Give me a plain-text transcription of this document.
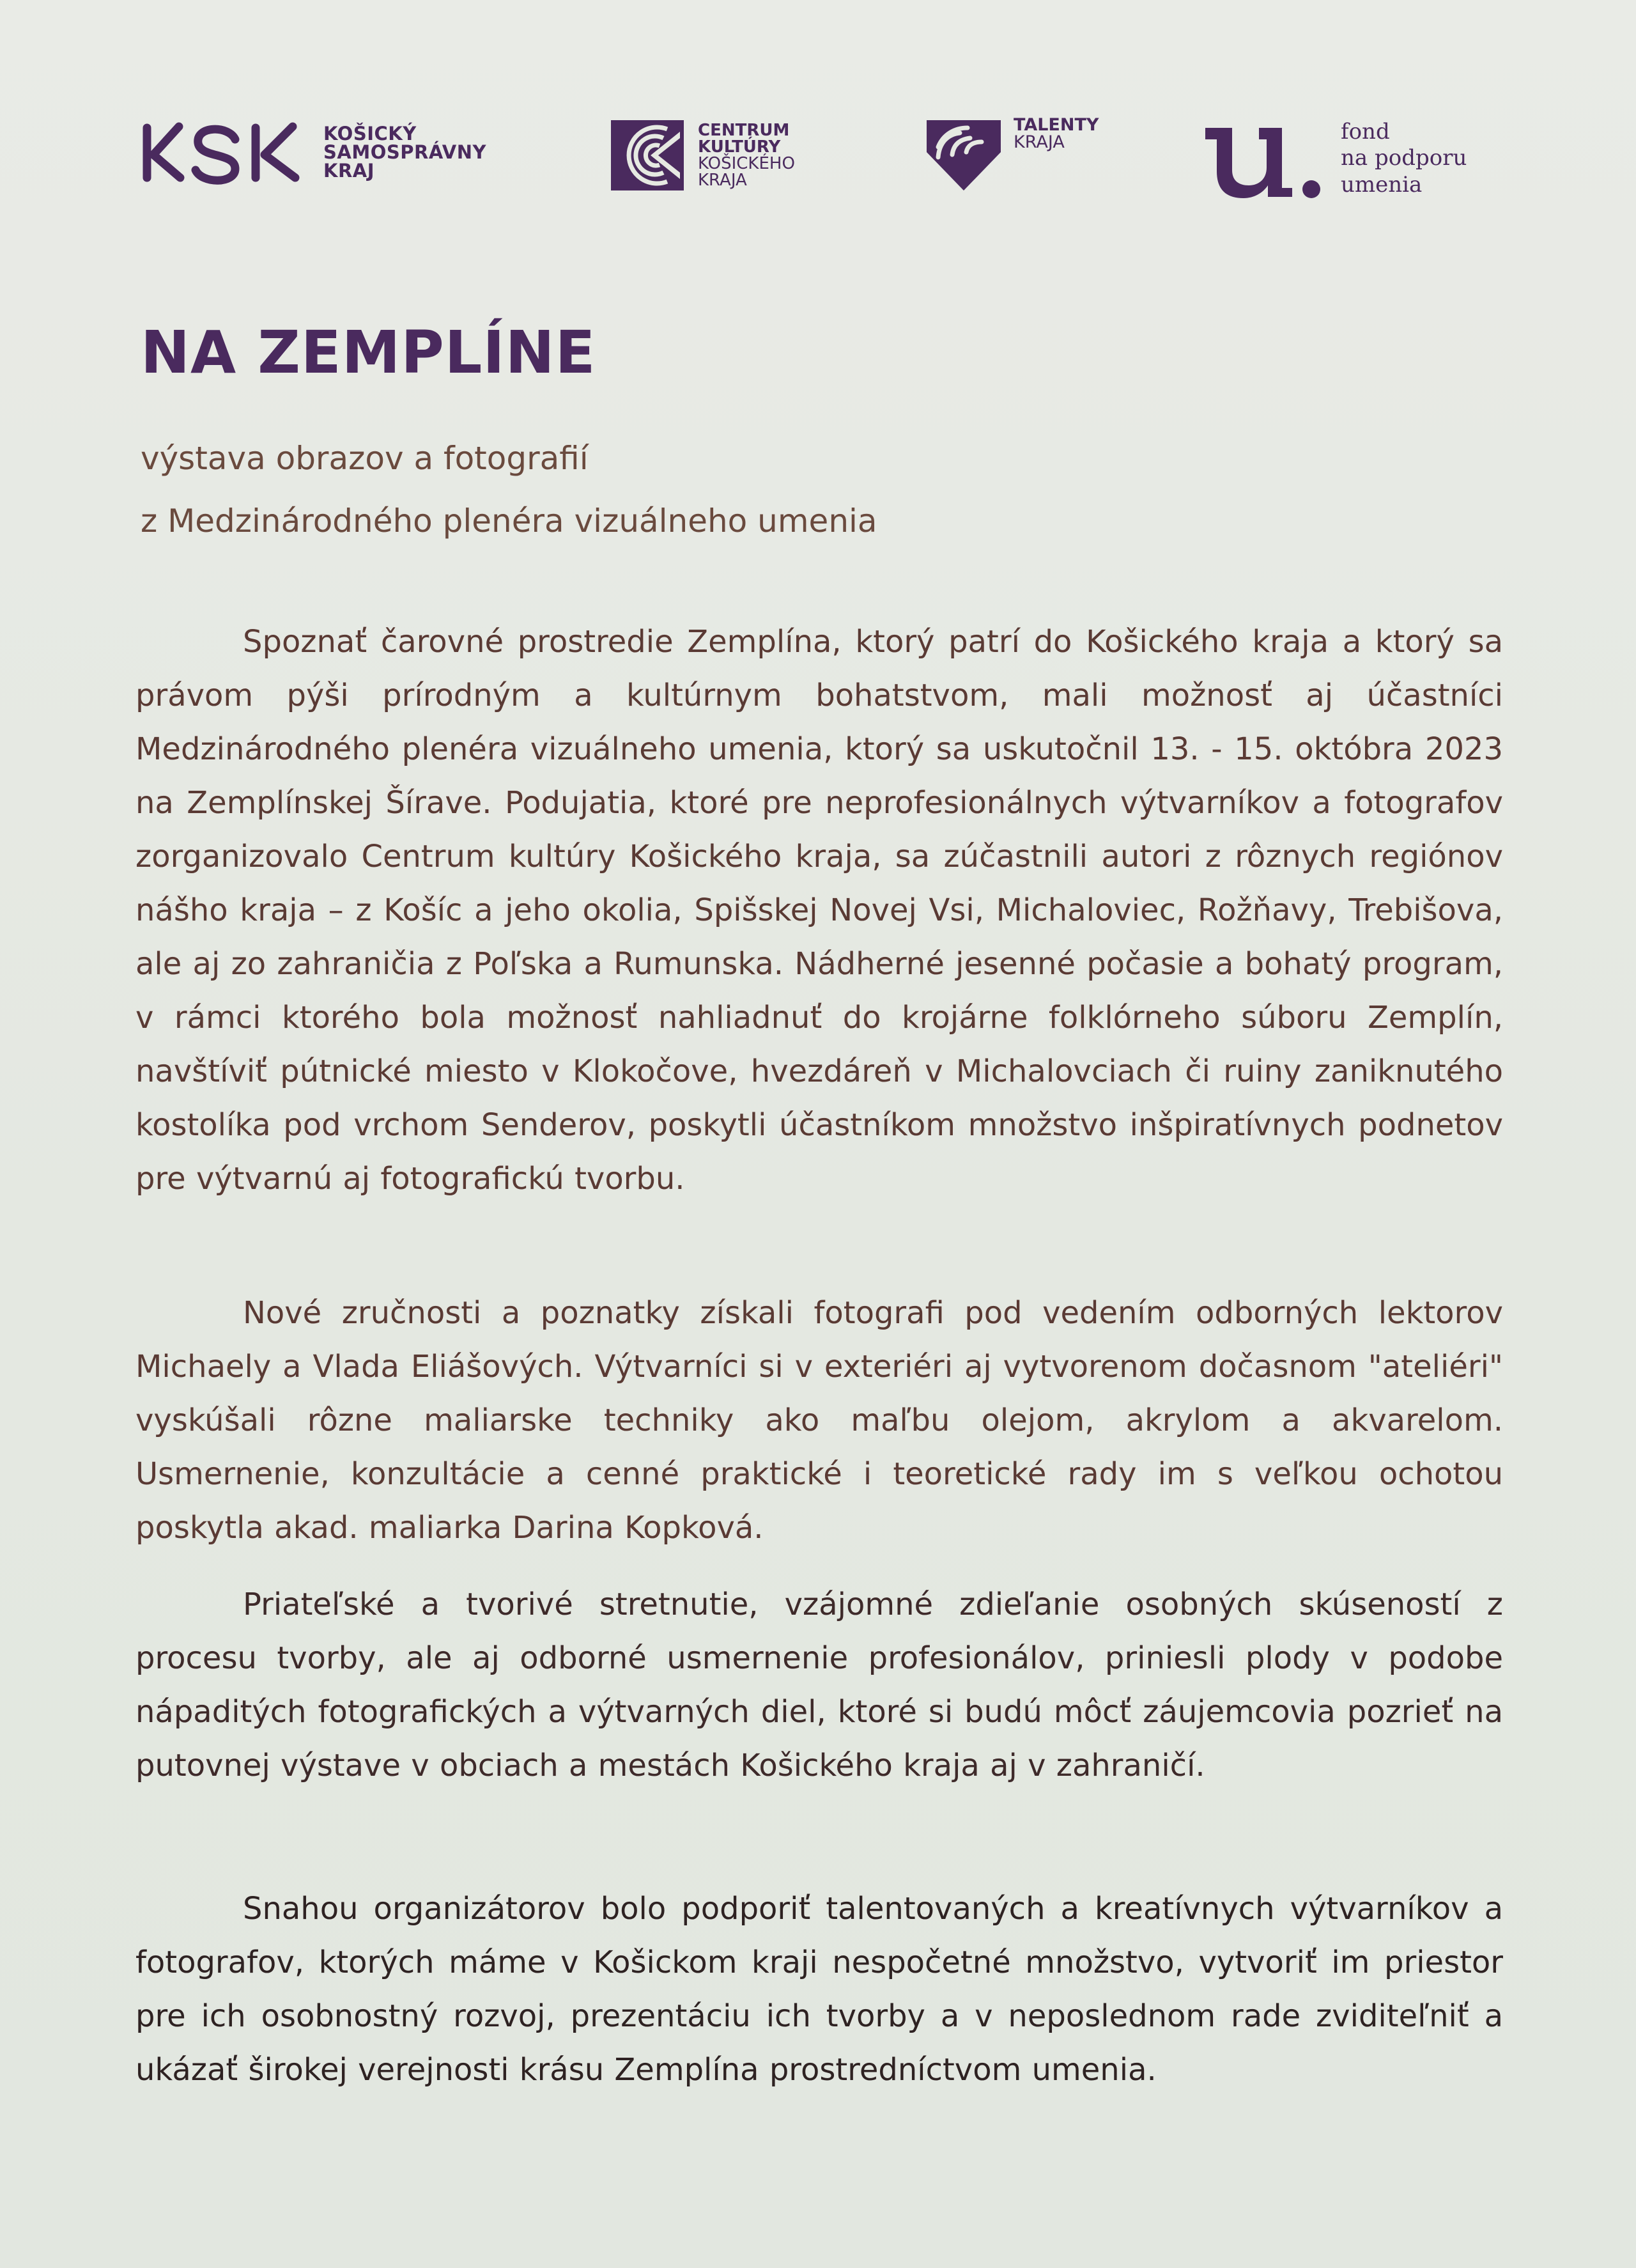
KOŠICKÝ
SAMOSPRÁVNY
KRAJ
CENTRUM
KULTÚRY
KOŠICKÉHO
KRAJA
TALENTY
KRAJA	fond
na podporu
umenia
NA ZEMPLÍNE
výstava obrazov a fotografií
z Medzinárodného plenéra vizuálneho umenia

Spoznať čarovné prostredie Zemplína, ktorý patrí do Košického kraja a ktorý sa právom pýši prírodným a kultúrnym bohatstvom, mali možnosť aj účastníci Medzinárodného plenéra vizuálneho umenia, ktorý sa uskutočnil 13. - 15. októbra 2023 na Zemplínskej Šírave. Podujatia, ktoré pre neprofesionálnych výtvarníkov a fotografov zorganizovalo Centrum kultúry Košického kraja, sa zúčastnili autori z rôznych regiónov nášho kraja – z Košíc a jeho okolia, Spišskej Novej Vsi, Michaloviec, Rožňavy, Trebišova, ale aj zo zahraničia z Poľska a Rumunska. Nádherné jesenné počasie a bohatý program, v rámci ktorého bola možnosť nahliadnuť do krojárne folklórneho súboru Zemplín, navštíviť pútnické miesto v Klokočove, hvezdáreň v Michalovciach či ruiny zaniknutého kostolíka pod vrchom Senderov, poskytli účastníkom množstvo inšpiratívnych podnetov pre výtvarnú aj fotografickú tvorbu.

Nové zručnosti a poznatky získali fotografi pod vedením odborných lektorov Michaely a Vlada Eliášových. Výtvarníci si v exteriéri aj vytvorenom dočasnom "ateliéri" vyskúšali rôzne maliarske techniky ako maľbu olejom, akrylom a akvarelom. Usmernenie, konzultácie a cenné praktické i teoretické rady im s veľkou ochotou poskytla akad. maliarka Darina Kopková.

Priateľské a tvorivé stretnutie, vzájomné zdieľanie osobných skúseností z procesu tvorby, ale aj odborné usmernenie profesionálov, priniesli plody v podobe nápaditých fotografických a výtvarných diel, ktoré si budú môcť záujemcovia pozrieť na putovnej výstave v obciach a mestách Košického kraja aj v zahraničí.

Snahou organizátorov bolo podporiť talentovaných a kreatívnych výtvarníkov a fotografov, ktorých máme v Košickom kraji nespočetné množstvo, vytvoriť im priestor pre ich osobnostný rozvoj, prezentáciu ich tvorby a v neposlednom rade zviditeľniť a ukázať širokej verejnosti krásu Zemplína prostredníctvom umenia.
